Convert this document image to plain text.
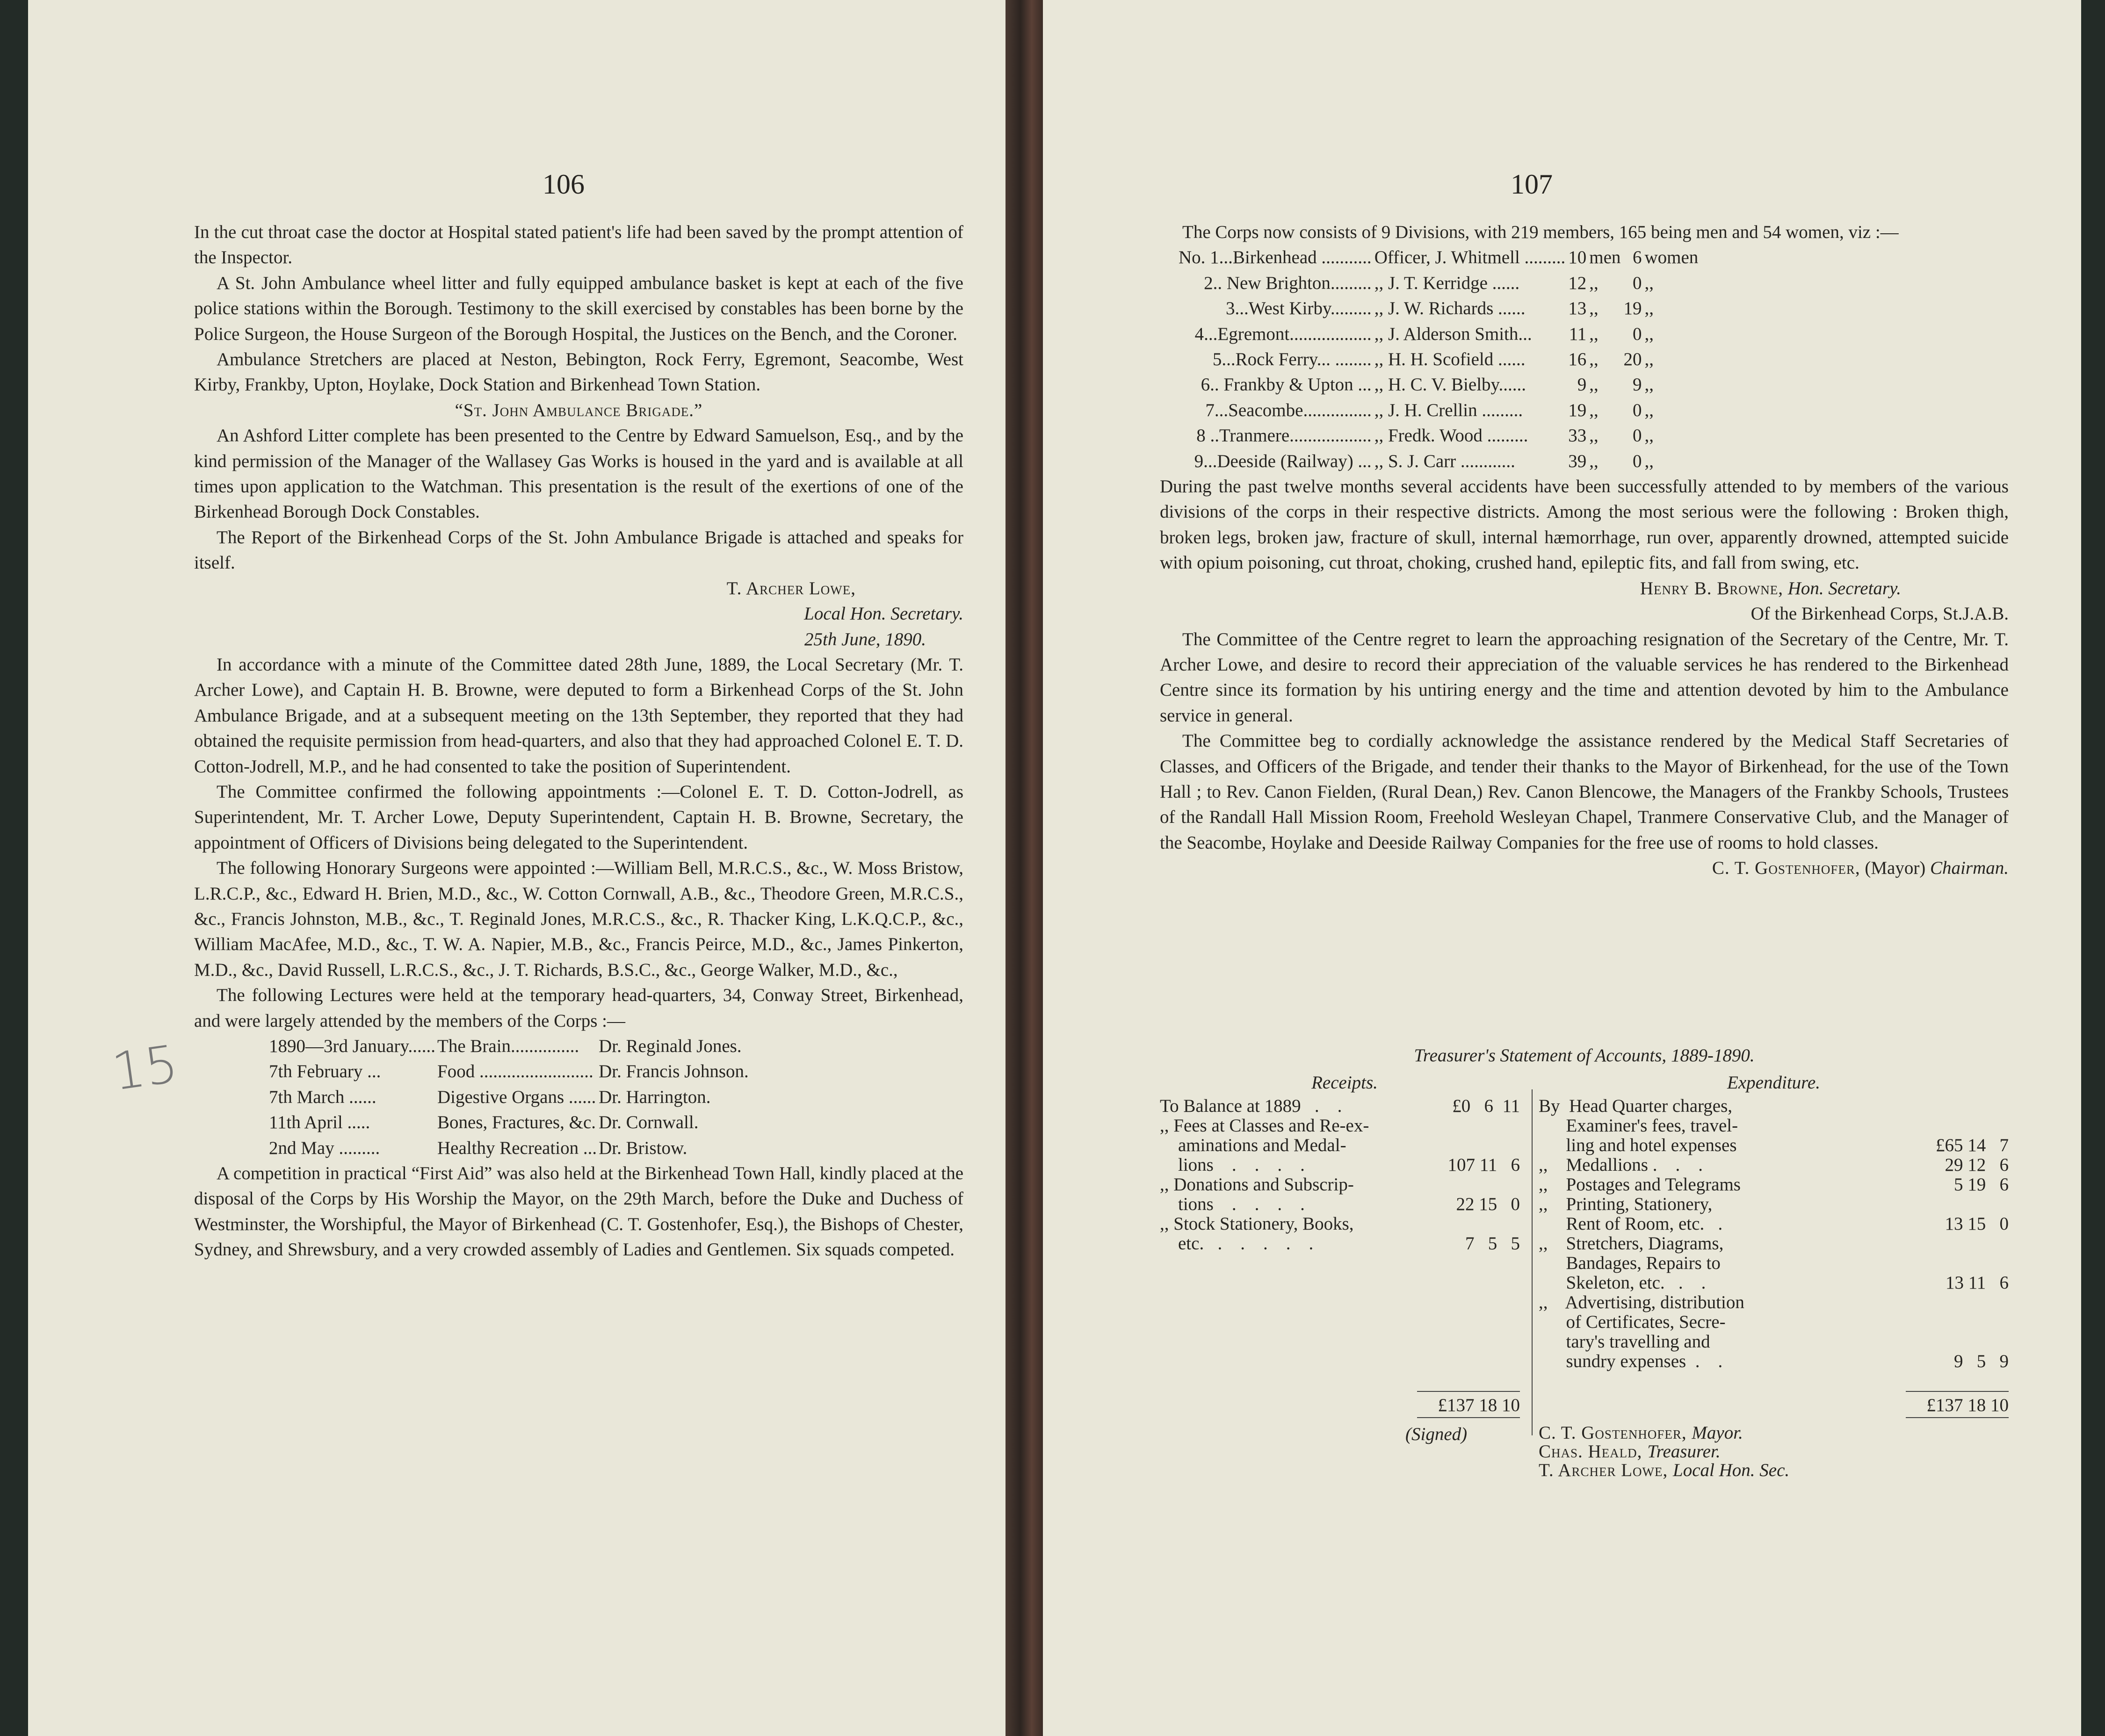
106

In the cut throat case the doctor at Hospital stated patient's life had been saved by the prompt attention of the Inspector.

A St. John Ambulance wheel litter and fully equipped ambulance basket is kept at each of the five police stations within the Borough. Testimony to the skill exercised by constables has been borne by the Police Surgeon, the House Surgeon of the Borough Hospital, the Justices on the Bench, and the Coroner.

Ambulance Stretchers are placed at Neston, Bebington, Rock Ferry, Egremont, Seacombe, West Kirby, Frankby, Upton, Hoylake, Dock Station and Birkenhead Town Station.

“St. John Ambulance Brigade.”

An Ashford Litter complete has been presented to the Centre by Edward Samuelson, Esq., and by the kind permission of the Manager of the Wallasey Gas Works is housed in the yard and is available at all times upon application to the Watchman. This presentation is the result of the exertions of one of the Birkenhead Borough Dock Constables.

The Report of the Birkenhead Corps of the St. John Ambulance Brigade is attached and speaks for itself.

T. Archer Lowe,

Local Hon. Secretary.

25th June, 1890.

In accordance with a minute of the Committee dated 28th June, 1889, the Local Secretary (Mr. T. Archer Lowe), and Captain H. B. Browne, were deputed to form a Birkenhead Corps of the St. John Ambulance Brigade, and at a subsequent meeting on the 13th September, they reported that they had obtained the requisite permission from head-quarters, and also that they had approached Colonel E. T. D. Cotton-Jodrell, M.P., and he had consented to take the position of Superintendent.

The Committee confirmed the following appointments :—Colonel E. T. D. Cotton-Jodrell, as Superintendent, Mr. T. Archer Lowe, Deputy Superintendent, Captain H. B. Browne, Secretary, the appointment of Officers of Divisions being delegated to the Superintendent.

The following Honorary Surgeons were appointed :—William Bell, M.R.C.S., &c., W. Moss Bristow, L.R.C.P., &c., Edward H. Brien, M.D., &c., W. Cotton Cornwall, A.B., &c., Theodore Green, M.R.C.S., &c., Francis Johnston, M.B., &c., T. Reginald Jones, M.R.C.S., &c., R. Thacker King, L.K.Q.C.P., &c., William MacAfee, M.D., &c., T. W. A. Napier, M.B., &c., Francis Peirce, M.D., &c., James Pinkerton, M.D., &c., David Russell, L.R.C.S., &c., J. T. Richards, B.S.C., &c., George Walker, M.D., &c.,

The following Lectures were held at the temporary head-quarters, 34, Conway Street, Birkenhead, and were largely attended by the members of the Corps :—

1890—3rd January......	The Brain...............	Dr. Reginald Jones.
7th February ...	Food .........................	Dr. Francis Johnson.
7th March ......	Digestive Organs ......	Dr. Harrington.
11th April .....	Bones, Fractures, &c.	Dr. Cornwall.
2nd May .........	Healthy Recreation ...	Dr. Bristow.

A competition in practical “First Aid” was also held at the Birkenhead Town Hall, kindly placed at the disposal of the Corps by His Worship the Mayor, on the 29th March, before the Duke and Duchess of Westminster, the Worshipful, the Mayor of Birkenhead (C. T. Gostenhofer, Esq.), the Bishops of Chester, Sydney, and Shrewsbury, and a very crowded assembly of Ladies and Gentlemen. Six squads competed.

15
107

The Corps now consists of 9 Divisions, with 219 members, 165 being men and 54 women, viz :—

No. 1...Birkenhead ...........	Officer, J. Whitmell .........	10	men	6	women
2.. New Brighton.........	,, J. T. Kerridge ......	12	,,	0	,,
3...West Kirby.........	,, J. W. Richards ......	13	,,	19	,,
4...Egremont..................	,, J. Alderson Smith...	11	,,	0	,,
5...Rock Ferry... ........	,, H. H. Scofield ......	16	,,	20	,,
6.. Frankby & Upton ...	,, H. C. V. Bielby......	9	,,	9	,,
7...Seacombe...............	,, J. H. Crellin .........	19	,,	0	,,
8 ..Tranmere..................	,, Fredk. Wood .........	33	,,	0	,,
9...Deeside (Railway) ...	,, S. J. Carr ............	39	,,	0	,,

During the past twelve months several accidents have been successfully attended to by members of the various divisions of the corps in their respective districts. Among the most serious were the following : Broken thigh, broken legs, broken jaw, fracture of skull, internal hæmorrhage, run over, apparently drowned, attempted suicide with opium poisoning, cut throat, choking, crushed hand, epileptic fits, and fall from swing, etc.

Henry B. Browne, Hon. Secretary.

Of the Birkenhead Corps, St.J.A.B.

The Committee of the Centre regret to learn the approaching resignation of the Secretary of the Centre, Mr. T. Archer Lowe, and desire to record their appreciation of the valuable services he has rendered to the Birkenhead Centre since its formation by his untiring energy and the time and attention devoted by him to the Ambulance service in general.

The Committee beg to cordially acknowledge the assistance rendered by the Medical Staff Secretaries of Classes, and Officers of the Brigade, and tender their thanks to the Mayor of Birkenhead, for the use of the Town Hall ; to Rev. Canon Fielden, (Rural Dean,) Rev. Canon Blencowe, the Managers of the Frankby Schools, Trustees of the Randall Hall Mission Room, Freehold Wesleyan Chapel, Tranmere Conservative Club, and the Manager of the Seacombe, Hoylake and Deeside Railway Companies for the free use of rooms to hold classes.

C. T. Gostenhofer, (Mayor) Chairman.

Treasurer's Statement of Accounts, 1889-1890.
Receipts.
To Balance at 1889   .    .	£0   6  11
,, Fees at Classes and Re-ex-
aminations and Medal-
lions    .    .    .    .	107 11   6
,, Donations and Subscrip-
tions    .    .    .    .	22 15   0
,, Stock Stationery, Books,
etc.   .    .    .    .    .	7   5   5
£137 18 10
Expenditure.
By  Head Quarter charges,
Examiner's fees, travel-
ling and hotel expenses	£65 14   7
,,    Medallions .    .    .	29 12   6
,,    Postages and Telegrams	5 19   6
,,    Printing, Stationery,
Rent of Room, etc.   .	13 15   0
,,    Stretchers, Diagrams,
Bandages, Repairs to
Skeleton, etc.   .    .	13 11   6
,,    Advertising, distribution
of Certificates, Secre-
tary's travelling and
sundry expenses  .    .	9   5   9
£137 18 10
(Signed)	C. T. Gostenhofer, Mayor.
Chas. Heald, Treasurer.
T. Archer Lowe, Local Hon. Sec.
